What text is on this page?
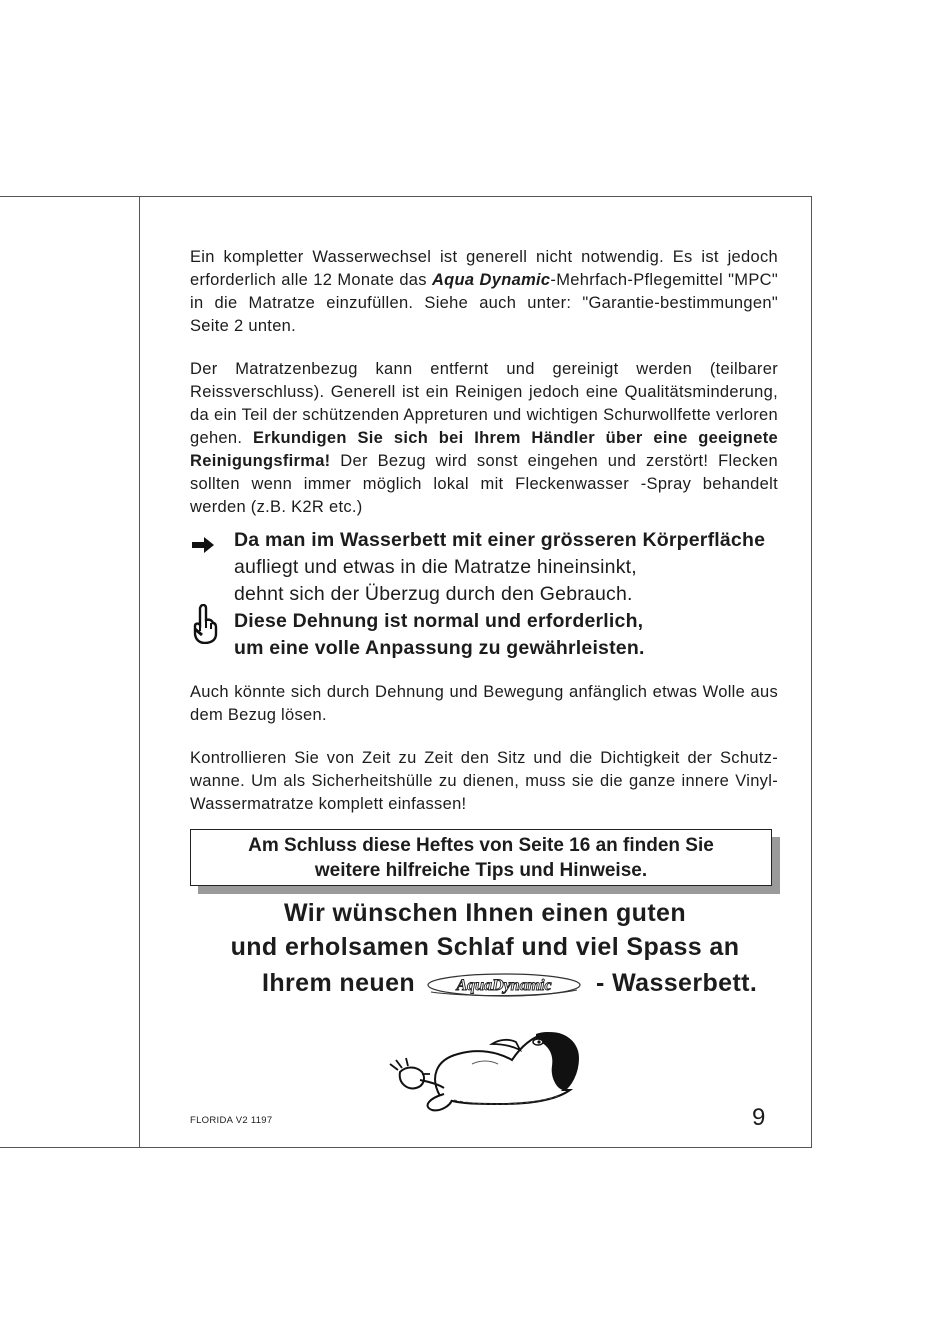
Ein kompletter Wasserwechsel ist generell nicht notwendig. Es ist jedoch erforderlich alle 12 Monate das Aqua Dynamic-Mehrfach-Pflegemittel "MPC" in die Matratze einzufüllen. Siehe auch unter: "Garantie-bestimmungen" Seite 2 unten.

Der Matratzenbezug kann entfernt und gereinigt werden (teilbarer Reissverschluss). Generell ist ein Reinigen jedoch eine Qualitätsminderung, da ein Teil der schützenden Appreturen und wichtigen Schurwollfette verloren gehen. Erkundigen Sie sich bei Ihrem Händler über eine geeignete Reinigungsfirma! Der Bezug wird sonst eingehen und zerstört! Flecken sollten wenn immer möglich lokal mit Fleckenwasser -Spray behandelt werden (z.B. K2R etc.)

Da man im Wasserbett mit einer grösseren Körperfläche
aufliegt und etwas in die Matratze hineinsinkt,
dehnt sich der Überzug durch den Gebrauch.
Diese Dehnung ist normal und erforderlich,
um eine volle Anpassung zu gewährleisten.

Auch könnte sich durch Dehnung und Bewegung anfänglich etwas Wolle aus dem Bezug lösen.

Kontrollieren Sie von Zeit zu Zeit den Sitz und die Dichtigkeit der Schutz-wanne. Um als Sicherheitshülle zu dienen, muss sie die ganze innere Vinyl-Wassermatratze komplett einfassen!

Am Schluss diese Heftes von Seite 16 an finden Sie
weitere hilfreiche Tips und Hinweise.
Wir wünschen Ihnen einen guten
und erholsamen Schlaf und viel Spass an
Ihrem neuen	AquaDynamic - Wasserbett.
FLORIDA V2 1197	9
